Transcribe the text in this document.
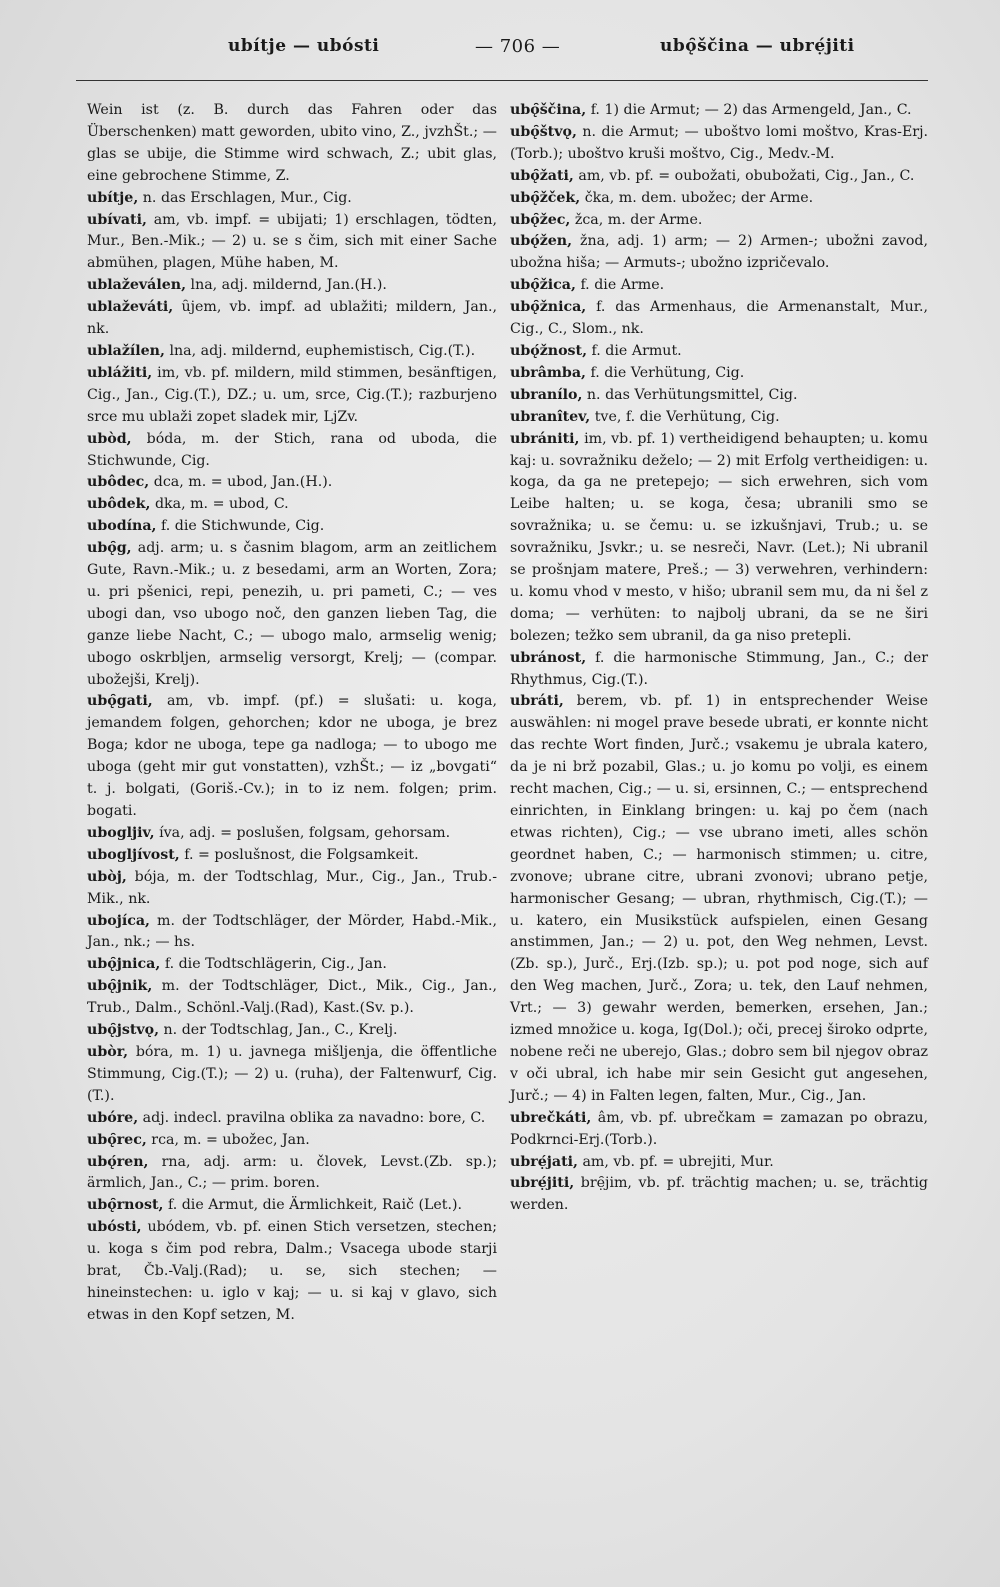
ubítje — ubósti	— 706 —	ubǫ̑ščina — ubrẹ́jiti

Wein ist (z. B. durch das Fahren oder das Überschenken) matt geworden, ubito vino, Z., jvzhŠt.; — glas se ubije, die Stimme wird schwach, Z.; ubit glas, eine gebrochene Stimme, Z.

ubítje, n. das Erschlagen, Mur., Cig.

ubívati, am, vb. impf. = ubijati; 1) erschlagen, tödten, Mur., Ben.-Mik.; — 2) u. se s čim, sich mit einer Sache abmühen, plagen, Mühe haben, M.

ublaževálen, lna, adj. mildernd, Jan.(H.).

ublaževáti, ȗjem, vb. impf. ad ublažiti; mildern, Jan., nk.

ublažílen, lna, adj. mildernd, euphemistisch, Cig.(T.).

ublážiti, im, vb. pf. mildern, mild stimmen, besänftigen, Cig., Jan., Cig.(T.), DZ.; u. um, srce, Cig.(T.); razburjeno srce mu ublaži zopet sladek mir, LjZv.

ubòd, bóda, m. der Stich, rana od uboda, die Stichwunde, Cig.

ubôdec, dca, m. = ubod, Jan.(H.).

ubôdek, dka, m. = ubod, C.

ubodína, f. die Stichwunde, Cig.

ubǫ̑g, adj. arm; u. s časnim blagom, arm an zeitlichem Gute, Ravn.-Mik.; u. z besedami, arm an Worten, Zora; u. pri pšenici, repi, penezih, u. pri pameti, C.; — ves ubogi dan, vso ubogo noč, den ganzen lieben Tag, die ganze liebe Nacht, C.; — ubogo malo, armselig wenig; ubogo oskrbljen, armselig versorgt, Krelj; — (compar. ubožejši, Krelj).

ubǫ̑gati, am, vb. impf. (pf.) = slušati: u. koga, jemandem folgen, gehorchen; kdor ne uboga, je brez Boga; kdor ne uboga, tepe ga nadloga; — to ubogo me uboga (geht mir gut vonstatten), vzhŠt.; — iz „bovgati“ t. j. bolgati, (Goriš.-Cv.); in to iz nem. folgen; prim. bogati.

ubogljiv, íva, adj. = poslušen, folgsam, gehorsam.

ubogljívost, f. = poslušnost, die Folgsamkeit.

ubòj, bója, m. der Todtschlag, Mur., Cig., Jan., Trub.-Mik., nk.

ubojíca, m. der Todtschläger, der Mörder, Habd.-Mik., Jan., nk.; — hs.

ubǫ̑jnica, f. die Todtschlägerin, Cig., Jan.

ubǫ̑jnik, m. der Todtschläger, Dict., Mik., Cig., Jan., Trub., Dalm., Schönl.-Valj.(Rad), Kast.(Sv. p.).

ubǫ̑jstvǫ, n. der Todtschlag, Jan., C., Krelj.

ubòr, bóra, m. 1) u. javnega mišljenja, die öffentliche Stimmung, Cig.(T.); — 2) u. (ruha), der Faltenwurf, Cig.(T.).

ubóre, adj. indecl. pravilna oblika za navadno: bore, C.

ubǫ̑rec, rca, m. = ubožec, Jan.

ubǫ́ren, rna, adj. arm: u. človek, Levst.(Zb. sp.); ärmlich, Jan., C.; — prim. boren.

ubǫ̑rnost, f. die Armut, die Ärmlichkeit, Raič (Let.).

ubósti, ubódem, vb. pf. einen Stich versetzen, stechen; u. koga s čim pod rebra, Dalm.; Vsacega ubode starji brat, Čb.-Valj.(Rad); u. se, sich stechen; — hineinstechen: u. iglo v kaj; — u. si kaj v glavo, sich etwas in den Kopf setzen, M.

ubǫ̑ščina, f. 1) die Armut; — 2) das Armengeld, Jan., C.

ubǫ̑štvǫ, n. die Armut; — uboštvo lomi moštvo, Kras-Erj.(Torb.); uboštvo kruši moštvo, Cig., Medv.-M.

ubǫ̑žati, am, vb. pf. = oubožati, obubožati, Cig., Jan., C.

ubǫ̑žček, čka, m. dem. ubožec; der Arme.

ubǫ̑žec, žca, m. der Arme.

ubǫ́žen, žna, adj. 1) arm; — 2) Armen-; ubožni zavod, ubožna hiša; — Armuts-; ubožno izpričevalo.

ubǫ̑žica, f. die Arme.

ubǫ̑žnica, f. das Armenhaus, die Armenanstalt, Mur., Cig., C., Slom., nk.

ubǫ́žnost, f. die Armut.

ubrâmba, f. die Verhütung, Cig.

ubranílo, n. das Verhütungsmittel, Cig.

ubranîtev, tve, f. die Verhütung, Cig.

ubrániti, im, vb. pf. 1) vertheidigend behaupten; u. komu kaj: u. sovražniku deželo; — 2) mit Erfolg vertheidigen: u. koga, da ga ne pretepejo; — sich erwehren, sich vom Leibe halten; u. se koga, česa; ubranili smo se sovražnika; u. se čemu: u. se izkušnjavi, Trub.; u. se sovražniku, Jsvkr.; u. se nesreči, Navr. (Let.); Ni ubranil se prošnjam matere, Preš.; — 3) verwehren, verhindern: u. komu vhod v mesto, v hišo; ubranil sem mu, da ni šel z doma; — verhüten: to najbolj ubrani, da se ne širi bolezen; težko sem ubranil, da ga niso pretepli.

ubránost, f. die harmonische Stimmung, Jan., C.; der Rhythmus, Cig.(T.).

ubráti, berem, vb. pf. 1) in entsprechender Weise auswählen: ni mogel prave besede ubrati, er konnte nicht das rechte Wort finden, Jurč.; vsakemu je ubrala katero, da je ni brž pozabil, Glas.; u. jo komu po volji, es einem recht machen, Cig.; — u. si, ersinnen, C.; — entsprechend einrichten, in Einklang bringen: u. kaj po čem (nach etwas richten), Cig.; — vse ubrano imeti, alles schön geordnet haben, C.; — harmonisch stimmen; u. citre, zvonove; ubrane citre, ubrani zvonovi; ubrano petje, harmonischer Gesang; — ubran, rhythmisch, Cig.(T.); — u. katero, ein Musikstück aufspielen, einen Gesang anstimmen, Jan.; — 2) u. pot, den Weg nehmen, Levst. (Zb. sp.), Jurč., Erj.(Izb. sp.); u. pot pod noge, sich auf den Weg machen, Jurč., Zora; u. tek, den Lauf nehmen, Vrt.; — 3) gewahr werden, bemerken, ersehen, Jan.; izmed množice u. koga, Ig(Dol.); oči, precej široko odprte, nobene reči ne uberejo, Glas.; dobro sem bil njegov obraz v oči ubral, ich habe mir sein Gesicht gut angesehen, Jurč.; — 4) in Falten legen, falten, Mur., Cig., Jan.

ubrečkáti, âm, vb. pf. ubrečkam = zamazan po obrazu, Podkrnci-Erj.(Torb.).

ubrẹ́jati, am, vb. pf. = ubrejiti, Mur.

ubrẹ́jiti, brẹ̑jim, vb. pf. trächtig machen; u. se, trächtig werden.
